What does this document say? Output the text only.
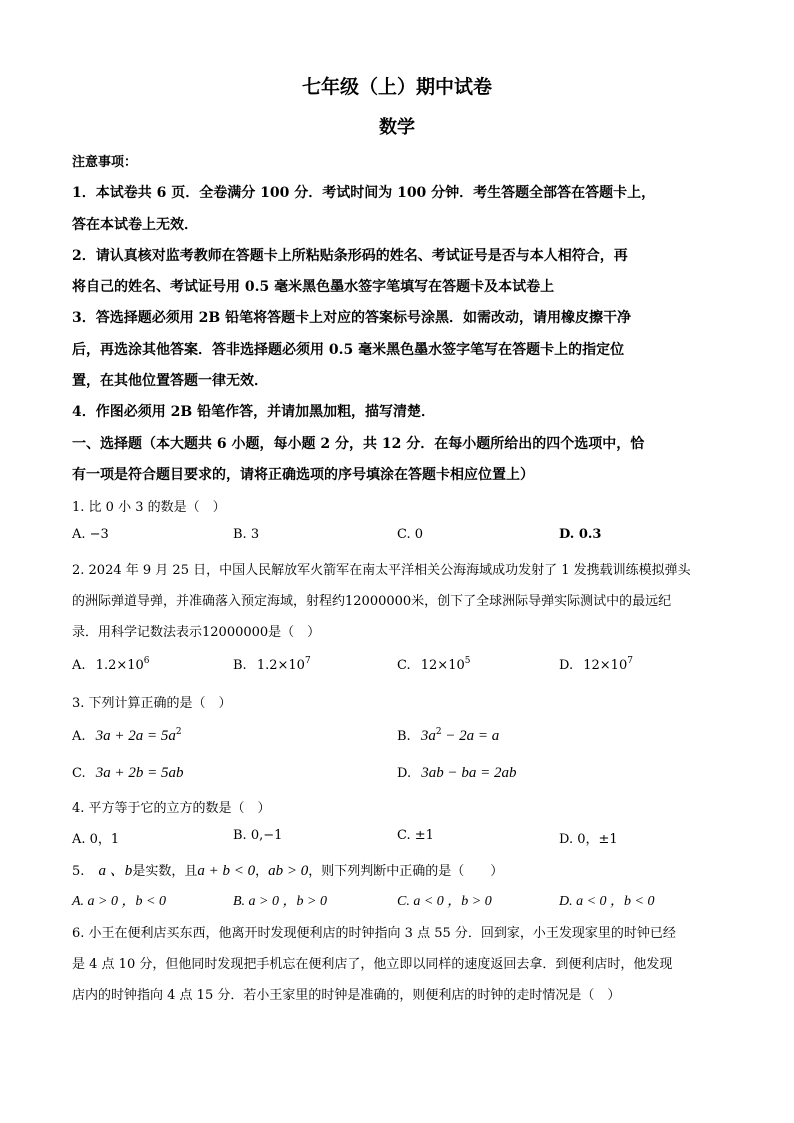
七年级（上）期中试卷
数学
注意事项：
1．本试卷共 6 页．全卷满分 100 分．考试时间为 100 分钟．考生答题全部答在答题卡上，
答在本试卷上无效．
2．请认真核对监考教师在答题卡上所粘贴条形码的姓名、考试证号是否与本人相符合，再
将自己的姓名、考试证号用 0.5 毫米黑色墨水签字笔填写在答题卡及本试卷上
3．答选择题必须用 2B 铅笔将答题卡上对应的答案标号涂黑．如需改动，请用橡皮擦干净
后，再选涂其他答案．答非选择题必须用 0.5 毫米黑色墨水签字笔写在答题卡上的指定位
置，在其他位置答题一律无效．
4．作图必须用 2B 铅笔作答，并请加黑加粗，描写清楚．
一、选择题（本大题共 6 小题，每小题 2 分，共 12 分．在每小题所给出的四个选项中，恰
有一项是符合题目要求的，请将正确选项的序号填涂在答题卡相应位置上）
1. 比 0 小 3 的数是（　）
A. −3	B. 3	C. 0	D. 0.3
2. 2024 年 9 月 25 日，中国人民解放军火箭军在南太平洋相关公海海域成功发射了 1 发携载训练模拟弹头
的洲际弹道导弹，并准确落入预定海域，射程约12000000米，创下了全球洲际导弹实际测试中的最远纪
录．用科学记数法表示12000000是（　）
A. $1.2\times 10^6$	B. $1.2\times 10^7$	C. $12\times 10^5$	D. $12\times 10^7$
3. 下列计算正确的是（　）
A. $3a + 2a = 5a^2$	B. $3a^2 - 2a = a$
C. 3a + 2b = 5ab	D. 3ab − ba = 2ab
4. 平方等于它的立方的数是（　）
A. 0，1	B. 0,−1	C. ±1	D. 0，±1
5. a 、b是实数，且a + b < 0，ab > 0，则下列判断中正确的是（　　）
A. a > 0 ，b < 0	B. a > 0 ，b > 0	C. a < 0 ，b > 0	D. a < 0 ，b < 0
6. 小王在便利店买东西，他离开时发现便利店的时钟指向 3 点 55 分．回到家，小王发现家里的时钟已经
是 4 点 10 分，但他同时发现把手机忘在便利店了，他立即以同样的速度返回去拿．到便利店时，他发现
店内的时钟指向 4 点 15 分．若小王家里的时钟是准确的，则便利店的时钟的走时情况是（　）
